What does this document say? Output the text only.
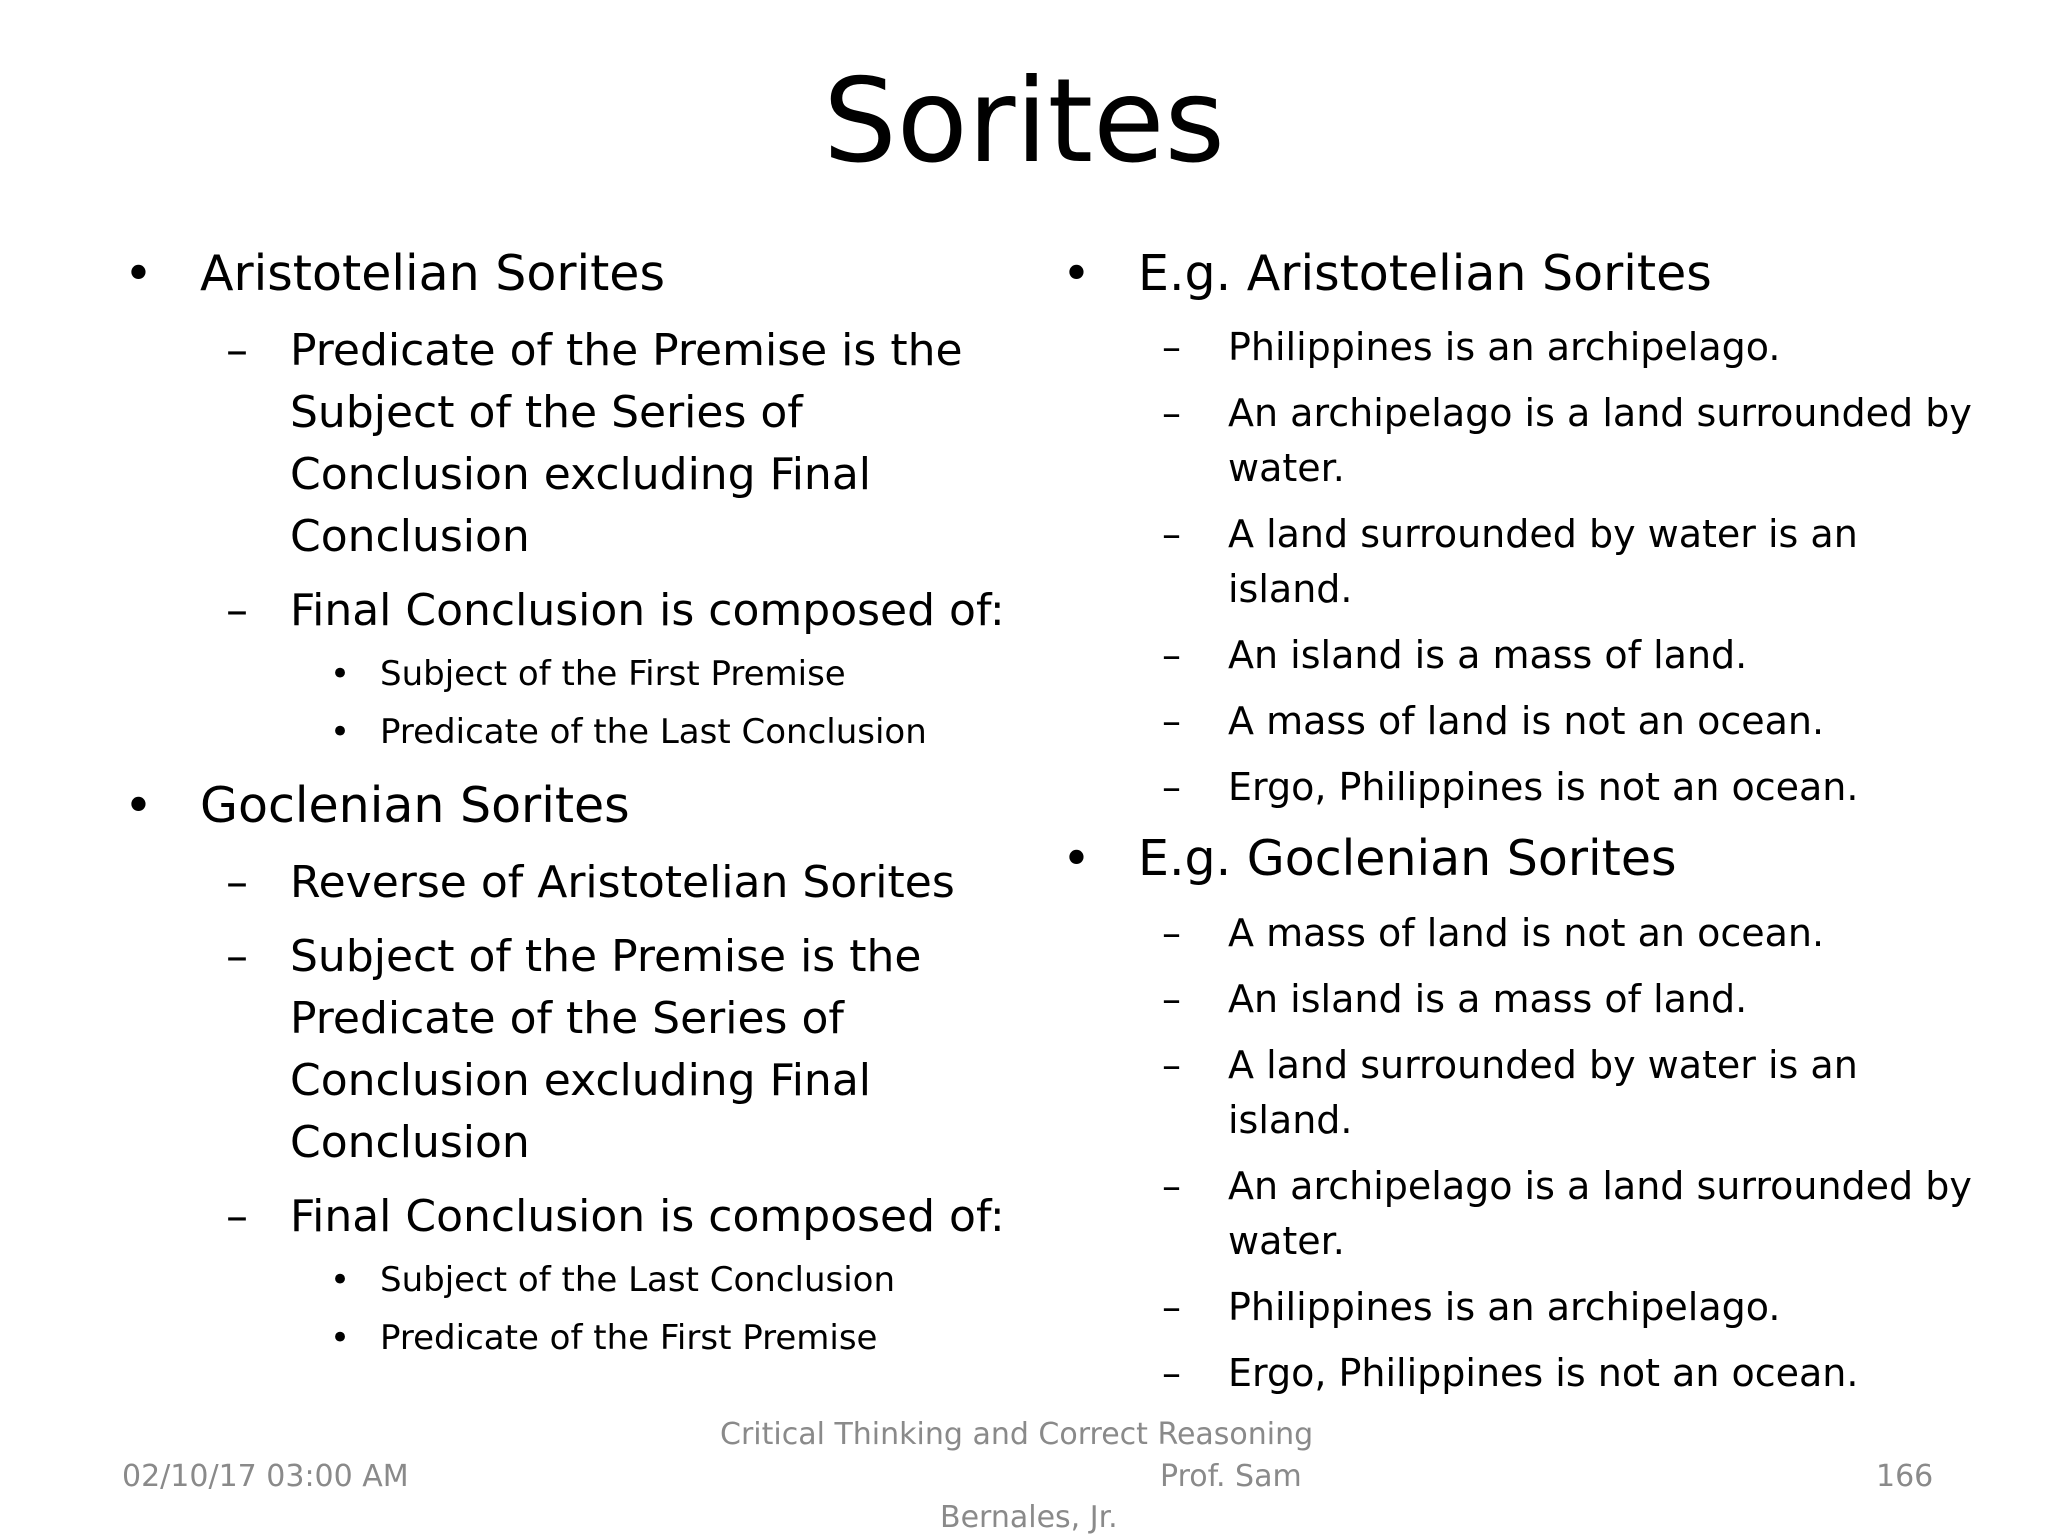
Sorites
• Aristotelian Sorites
– Predicate of the Premise is the
Subject of the Series of
Conclusion excluding Final
Conclusion
– Final Conclusion is composed of:
• Subject of the First Premise
• Predicate of the Last Conclusion
• Goclenian Sorites
– Reverse of Aristotelian Sorites
– Subject of the Premise is the
Predicate of the Series of
Conclusion excluding Final
Conclusion
– Final Conclusion is composed of:
• Subject of the Last Conclusion
• Predicate of the First Premise
• E.g. Aristotelian Sorites
– Philippines is an archipelago.
– An archipelago is a land surrounded by
water.
– A land surrounded by water is an
island.
– An island is a mass of land.
– A mass of land is not an ocean.
– Ergo, Philippines is not an ocean.
• E.g. Goclenian Sorites
– A mass of land is not an ocean.
– An island is a mass of land.
– A land surrounded by water is an
island.
– An archipelago is a land surrounded by
water.
– Philippines is an archipelago.
– Ergo, Philippines is not an ocean.
02/10/17 03:00 AM
Critical Thinking and Correct Reasoning
Prof. Sam
Bernales, Jr.
166
